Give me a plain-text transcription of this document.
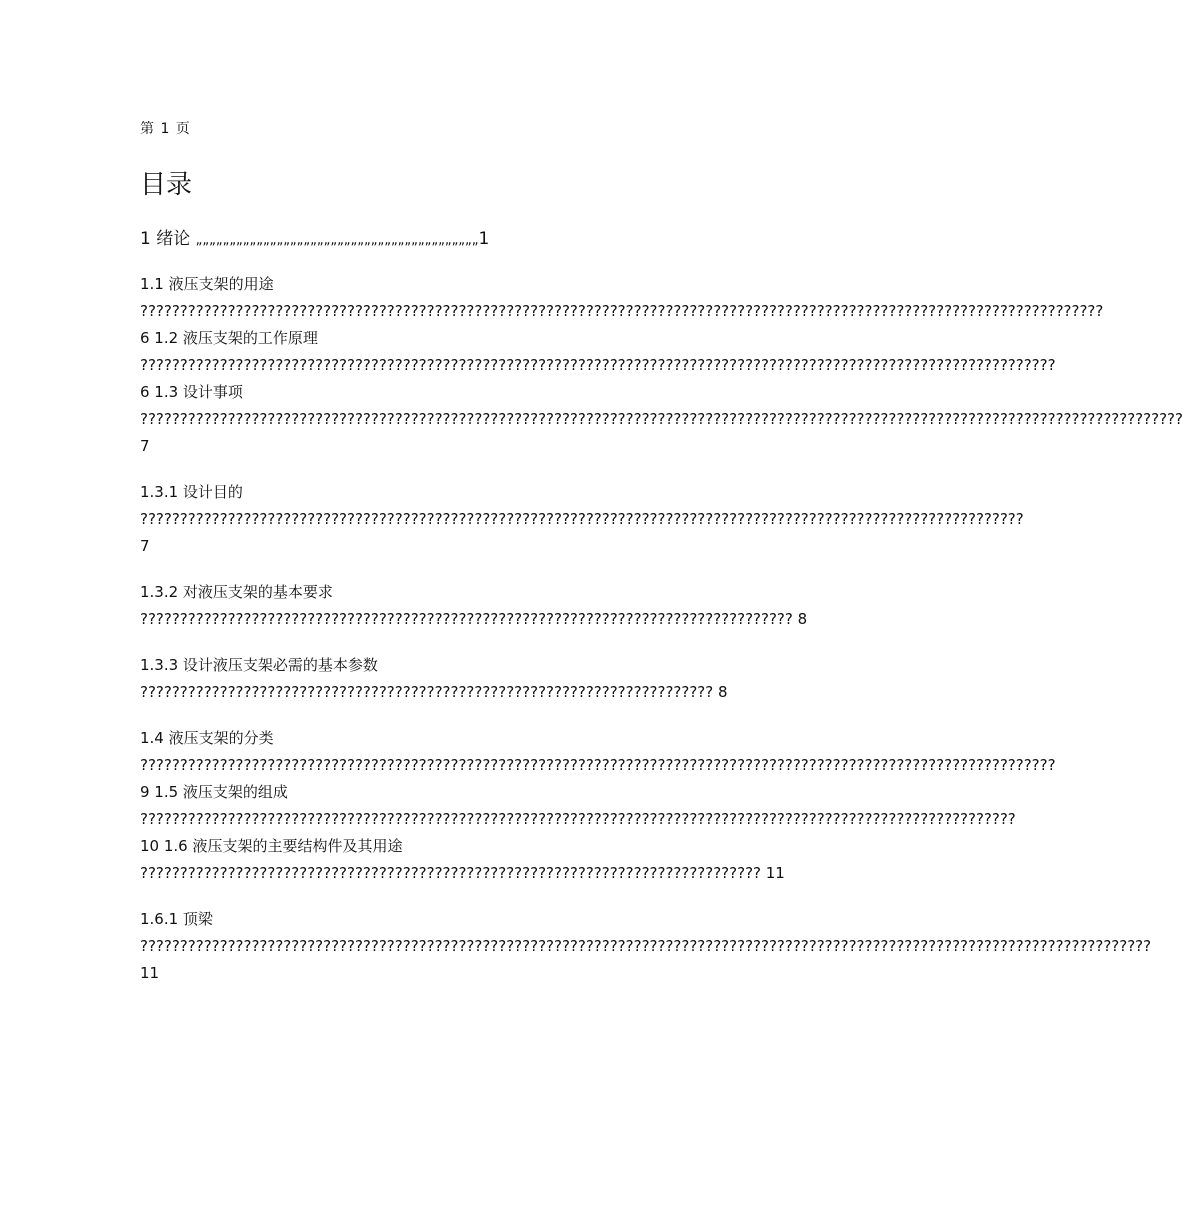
第 1 页
目录
1 绪论 „„„„„„„„„„„„„„„„„„„„„„„„„„„„„„„„„„„„„„„„„„1

1.1 液压支架的用途 ????????????????????????????????????????????????????????????????????????????????????????????????????????????????????????? 6 1.2 液压支架的工作原理 ??????????????????????????????????????????????????????????????????????????????????????????????????????????????????? 6 1.3 设计事项 ??????????????????????????????????????????????????????????????????????????????????????????????????????????????????????????????????? 7

1.3.1 设计目的 ??????????????????????????????????????????????????????????????????????????????????????????????????????????????? 7

1.3.2 对液压支架的基本要求 ?????????????????????????????????????????????????????????????????????????????????? 8

1.3.3 设计液压支架必需的基本参数 ???????????????????????????????????????????????????????????????????????? 8

1.4 液压支架的分类 ??????????????????????????????????????????????????????????????????????????????????????????????????????????????????? 9 1.5 液压支架的组成 ?????????????????????????????????????????????????????????????????????????????????????????????????????????????? 10 1.6 液压支架的主要结构件及其用途 ?????????????????????????????????????????????????????????????????????????????? 11

1.6.1 顶梁 ??????????????????????????????????????????????????????????????????????????????????????????????????????????????????????????????? 11
